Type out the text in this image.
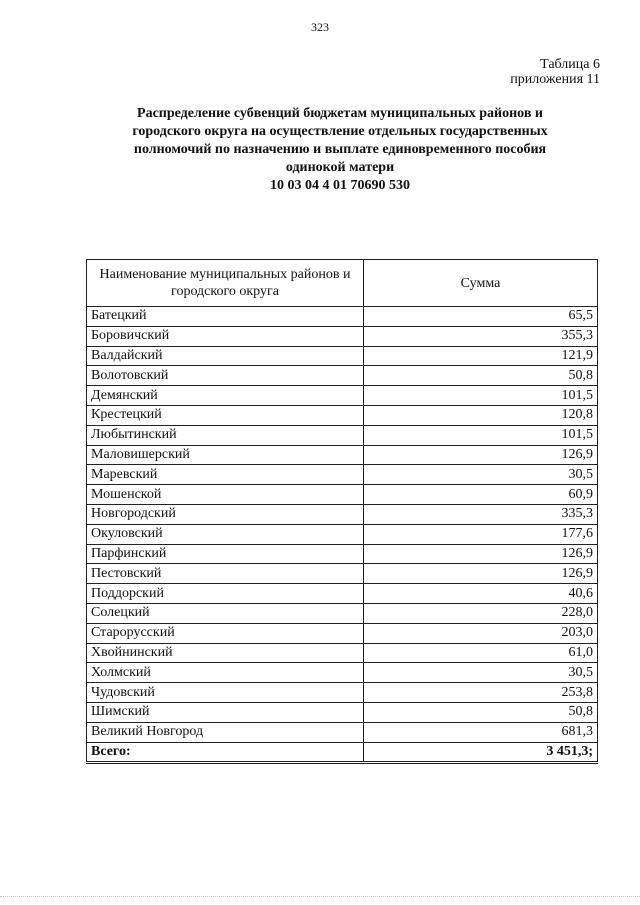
323
Таблица 6
приложения 11
Распределение субвенций бюджетам муниципальных районов и
городского округа на осуществление отдельных государственных
полномочий по назначению и выплате единовременного пособия
одинокой матери
10 03 04 4 01 70690 530
Наименование муниципальных районов и городского округа	Сумма
Батецкий	65,5
Боровичский	355,3
Валдайский	121,9
Волотовский	50,8
Демянский	101,5
Крестецкий	120,8
Любытинский	101,5
Маловишерский	126,9
Маревский	30,5
Мошенской	60,9
Новгородский	335,3
Окуловский	177,6
Парфинский	126,9
Пестовский	126,9
Поддорский	40,6
Солецкий	228,0
Старорусский	203,0
Хвойнинский	61,0
Холмский	30,5
Чудовский	253,8
Шимский	50,8
Великий Новгород	681,3
Всего:	3 451,3;
